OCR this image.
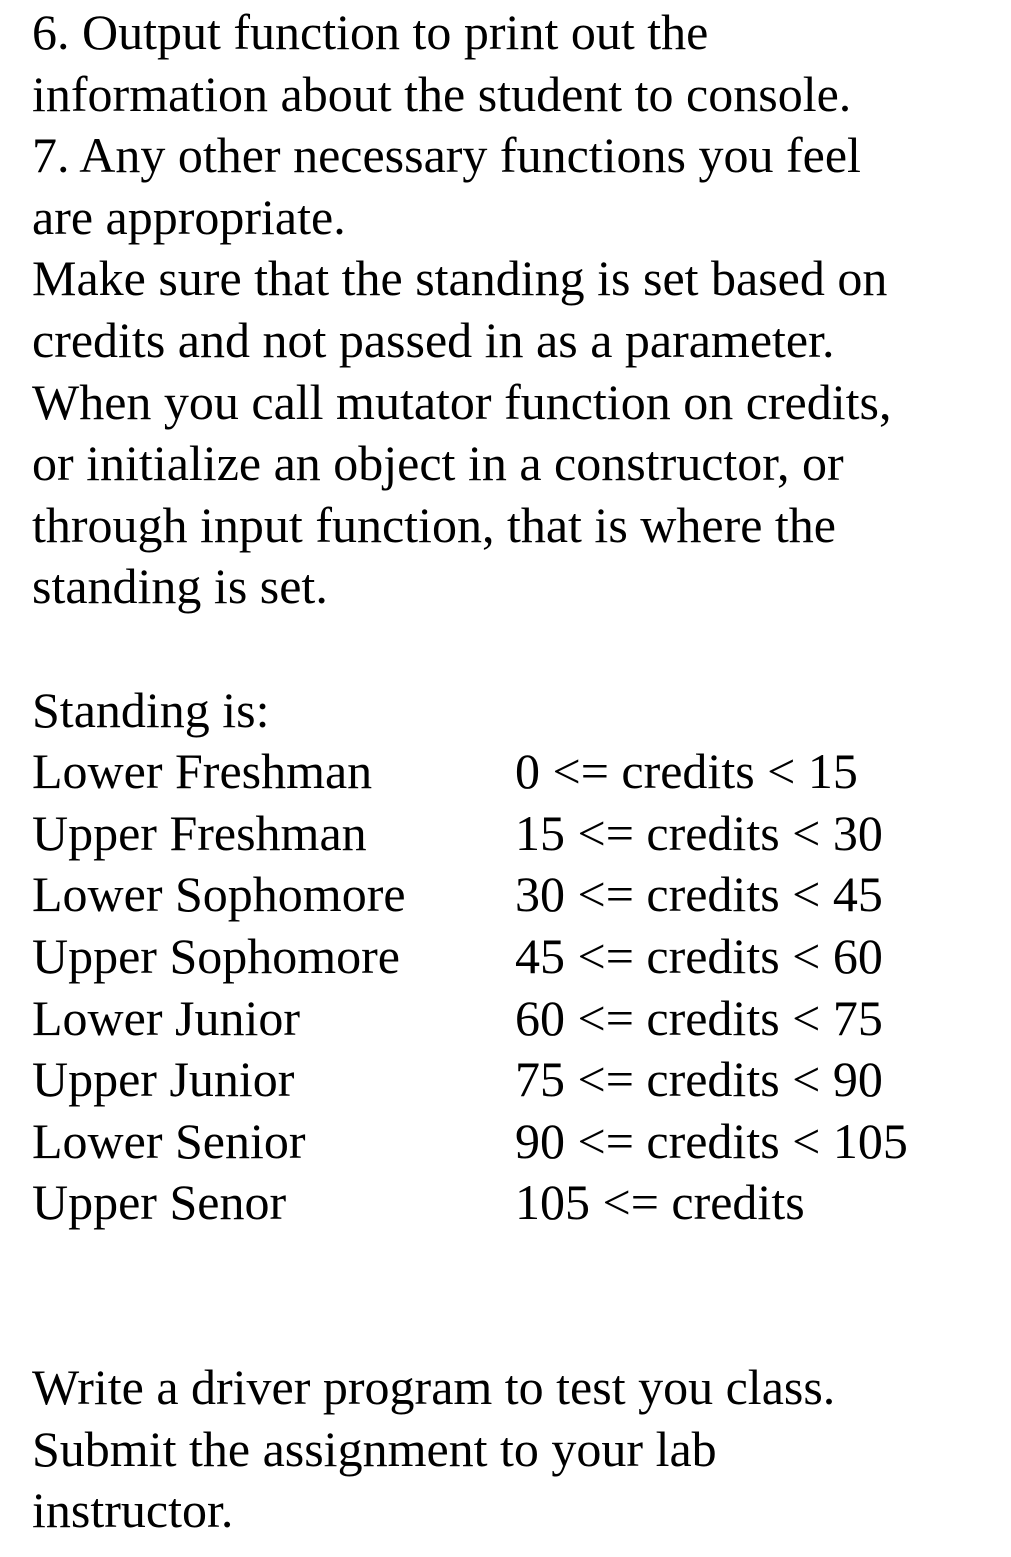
6. Output function to print out the
information about the student to console.
7. Any other necessary functions you feel
are appropriate.
Make sure that the standing is set based on
credits and not passed in as a parameter.
When you call mutator function on credits,
or initialize an object in a constructor, or
through input function, that is where the
standing is set.
Standing is:
Lower Freshman	0 <= credits < 15
Upper Freshman	15 <= credits < 30
Lower Sophomore	30 <= credits < 45
Upper Sophomore	45 <= credits < 60
Lower Junior	60 <= credits < 75
Upper Junior	75 <= credits < 90
Lower Senior	90 <= credits < 105
Upper Senor	105 <= credits
Write a driver program to test you class.
Submit the assignment to your lab
instructor.
